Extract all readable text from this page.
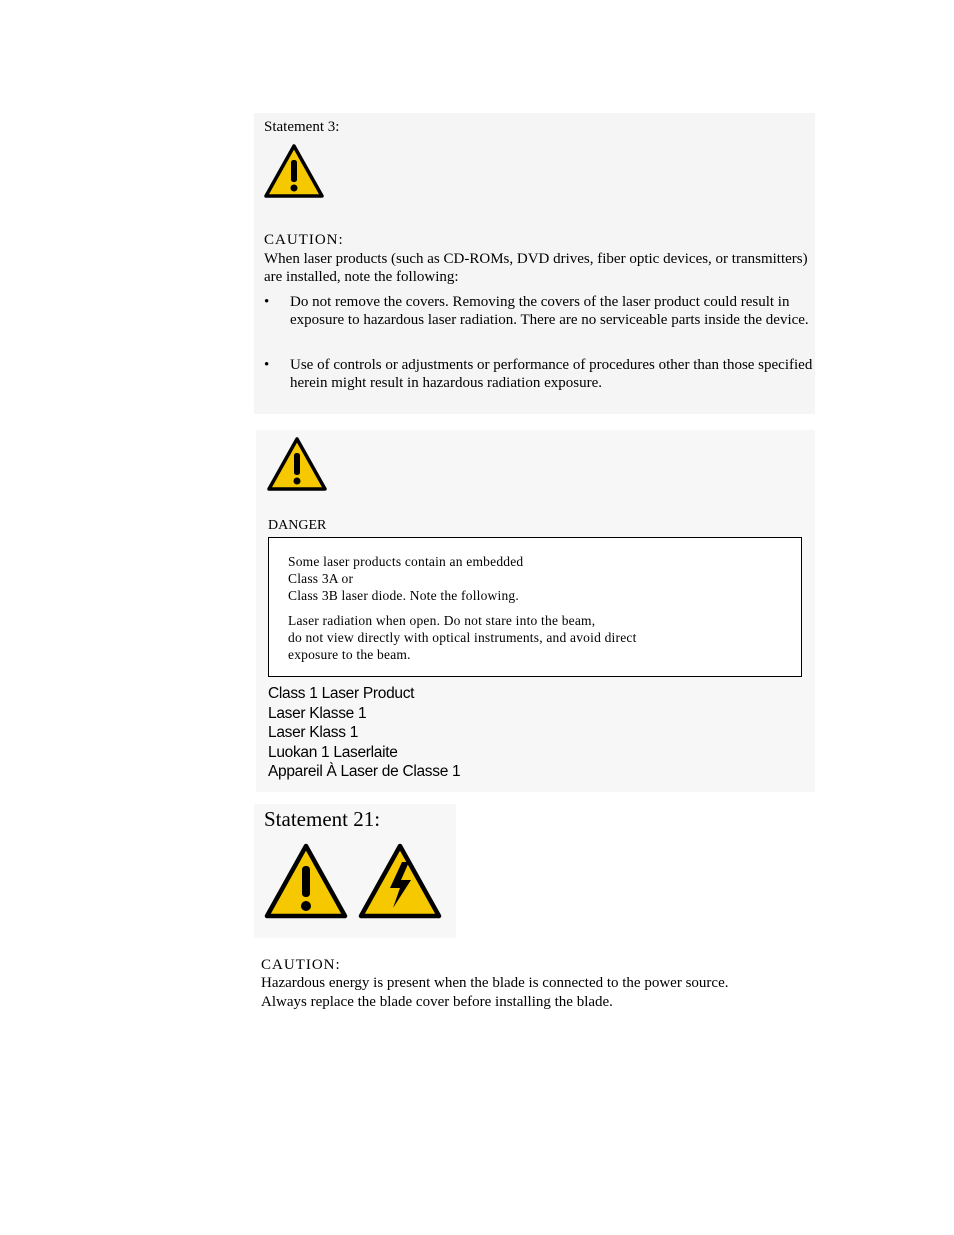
Statement 3:
CAUTION:
When laser products (such as CD-ROMs, DVD drives, fiber optic devices, or transmitters) are installed, note the following:
• Do not remove the covers. Removing the covers of the laser product could result in exposure to hazardous laser radiation. There are no serviceable parts inside the device.
• Use of controls or adjustments or performance of procedures other than those specified herein might result in hazardous radiation exposure.
DANGER
Some laser products contain an embedded
Class 3A or
Class 3B laser diode. Note the following.
Laser radiation when open. Do not stare into the beam,
do not view directly with optical instruments, and avoid direct
exposure to the beam.
Class 1 Laser Product
Laser Klasse 1
Laser Klass 1
Luokan 1 Laserlaite
Appareil À Laser de Classe 1
Statement 21:
CAUTION:
Hazardous energy is present when the blade is connected to the power source.
Always replace the blade cover before installing the blade.
